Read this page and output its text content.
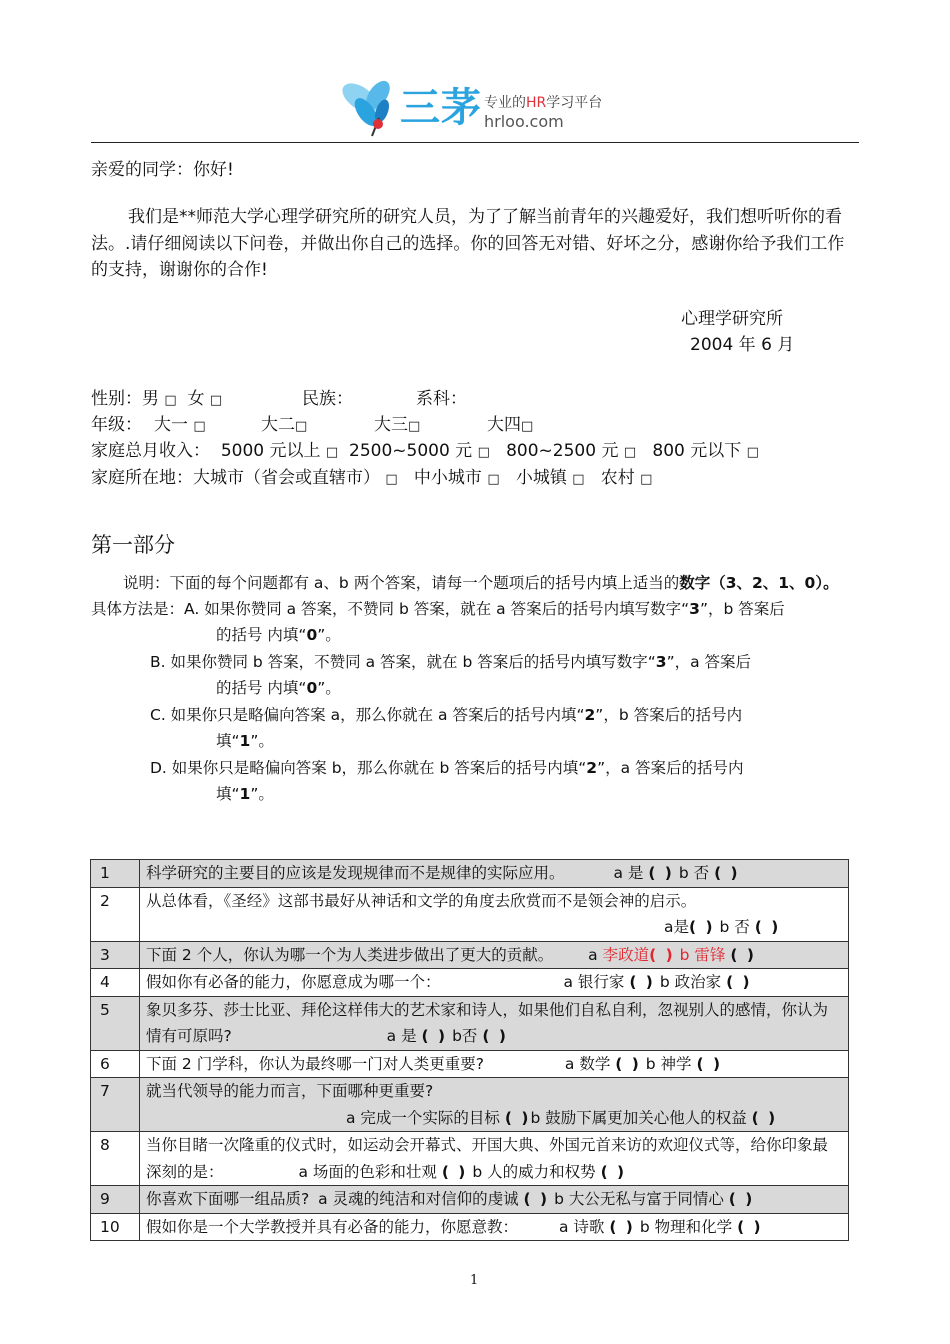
三茅 专业的HR学习平台
hrloo.com
亲爱的同学：你好!
我们是**师范大学心理学研究所的研究人员，为了了解当前青年的兴趣爱好，我们想听听你的看法。.请仔细阅读以下问卷，并做出你自己的选择。你的回答无对错、好坏之分，感谢你给予我们工作的支持，谢谢你的合作!
心理学研究所
2004 年 6 月
性别：男 □ 女 □	民族：	系科：
年级： 大一 □	大二□	大三□	大四□
家庭总月收入： 5000 元以上 □ 2500~5000 元 □ 800~2500 元 □ 800 元以下 □
家庭所在地：大城市（省会或直辖市） □ 中小城市 □ 小城镇 □ 农村 □
第一部分
说明：下面的每个问题都有 a、b 两个答案，请每一个题项后的括号内填上适当的数字（3、2、1、0）。
具体方法是：A. 如果你赞同 a 答案，不赞同 b 答案，就在 a 答案后的括号内填写数字“3”，b 答案后
的括号 内填“0”。
B. 如果你赞同 b 答案，不赞同 a 答案，就在 b 答案后的括号内填写数字“3”，a 答案后
的括号 内填“0”。
C. 如果你只是略偏向答案 a，那么你就在 a 答案后的括号内填“2”，b 答案后的括号内
填“1”。
D. 如果你只是略偏向答案 b，那么你就在 b 答案后的括号内填“2”，a 答案后的括号内
填“1”。
1	科学研究的主要目的应该是发现规律而不是规律的实际应用。 a 是 ( ) b 否 ( )
2	从总体看，《圣经》这部书最好从神话和文学的角度去欣赏而不是领会神的启示。
a是( ) b 否 ( )
3	下面 2 个人，你认为哪一个为人类进步做出了更大的贡献。 a 李政道( ) b 雷锋 ( )
4	假如你有必备的能力，你愿意成为哪一个： a 银行家 ( ) b 政治家 ( )
5	象贝多芬、莎士比亚、拜伦这样伟大的艺术家和诗人，如果他们自私自利，忽视别人的感情，你认为情有可原吗? a 是 ( ) b否 ( )
6	下面 2 门学科，你认为最终哪一门对人类更重要? a 数学 ( ) b 神学 ( )
7	就当代领导的能力而言，下面哪种更重要?
a 完成一个实际的目标 ( )b 鼓励下属更加关心他人的权益 ( )
8	当你目睹一次隆重的仪式时，如运动会开幕式、开国大典、外国元首来访的欢迎仪式等，给你印象最深刻的是： a 场面的色彩和壮观 ( ) b 人的威力和权势 ( )
9	你喜欢下面哪一组品质? a 灵魂的纯洁和对信仰的虔诚 ( ) b 大公无私与富于同情心 ( )
10	假如你是一个大学教授并具有必备的能力，你愿意教： a 诗歌 ( ) b 物理和化学 ( )
1
